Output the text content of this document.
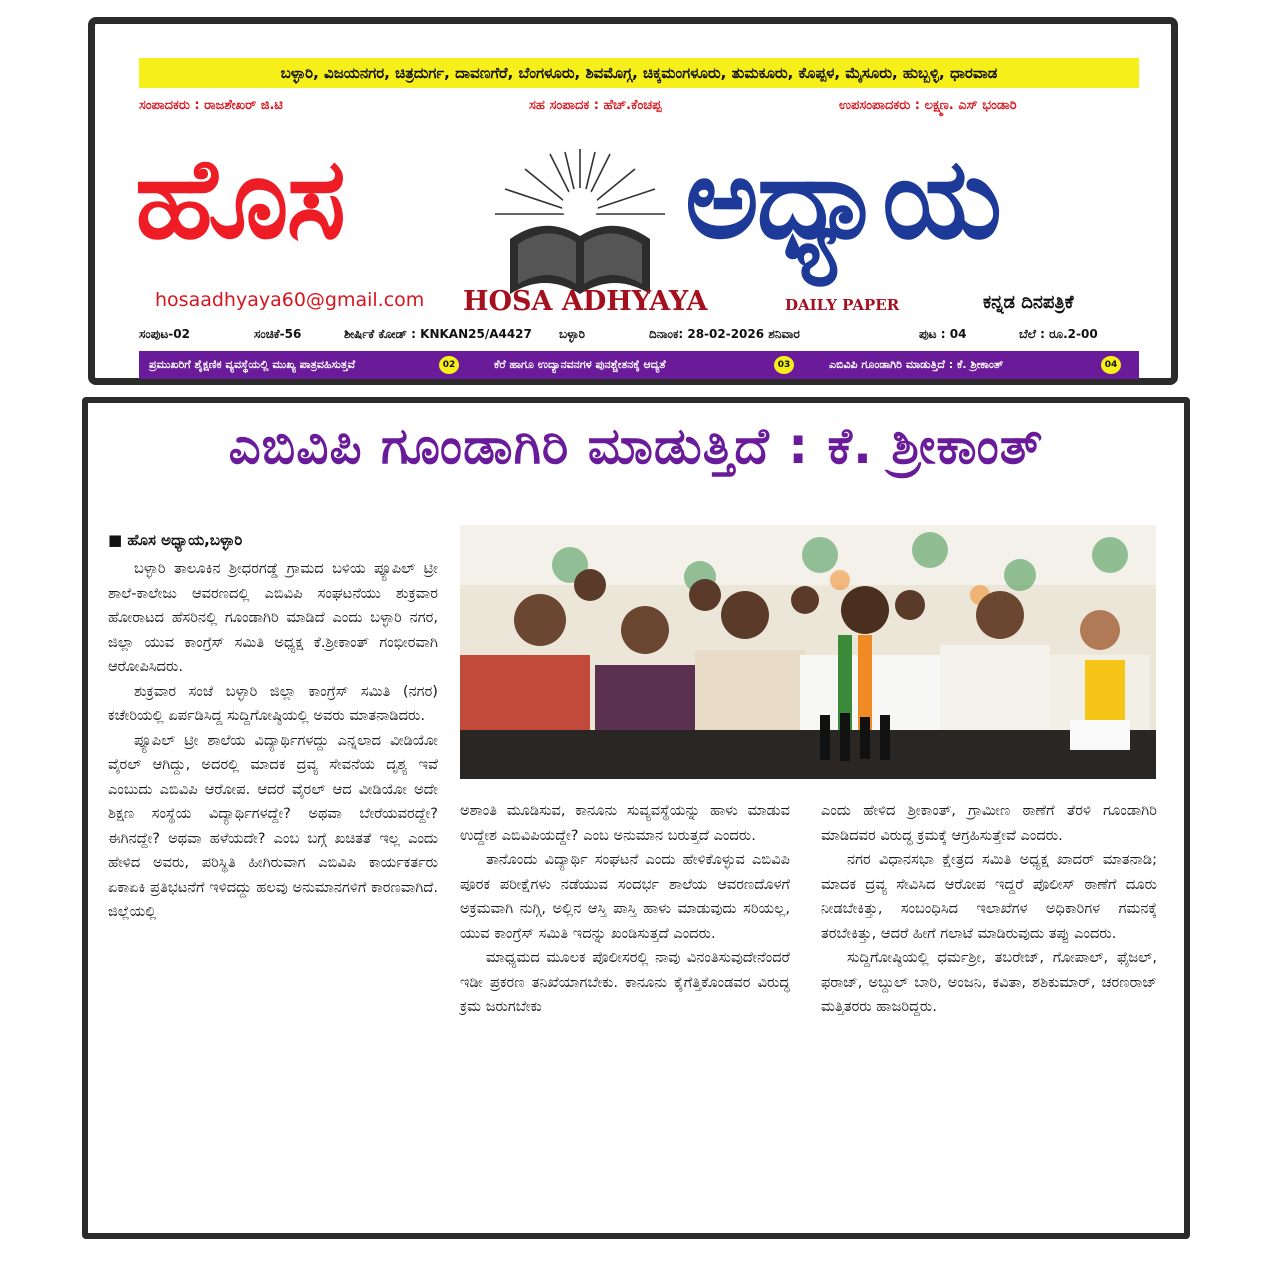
ಬಳ್ಳಾರಿ, ವಿಜಯನಗರ, ಚಿತ್ರದುರ್ಗ, ದಾವಣಗೆರೆ, ಬೆಂಗಳೂರು, ಶಿವಮೊಗ್ಗ, ಚಿಕ್ಕಮಂಗಳೂರು, ತುಮಕೂರು, ಕೊಪ್ಪಳ, ಮೈಸೂರು, ಹುಬ್ಬಳ್ಳಿ, ಧಾರವಾಡ
ಸಂಪಾದಕರು : ರಾಜಶೇಖರ್ ಜಿ.ಟಿ	ಸಹ ಸಂಪಾದಕ : ಹೆಚ್.ಕೆಂಚಪ್ಪ	ಉಪಸಂಪಾದಕರು : ಲಕ್ಷ್ಮಣ. ಎಸ್ ಭಂಡಾರಿ
ಹೊಸ	ಅಧ್ಯಾಯ
hosaadhyaya60@gmail.com HOSA ADHYAYA	DAILY PAPER	ಕನ್ನಡ ದಿನಪತ್ರಿಕೆ
ಸಂಪುಟ-02	ಸಂಚಿಕೆ-56	ಶೀರ್ಷಿಕೆ ಕೋಡ್ : KNKAN25/A4427 ಬಳ್ಳಾರಿ	ದಿನಾಂಕ: 28-02-2026 ಶನಿವಾರ	ಪುಟ : 04	ಬೆಲೆ : ರೂ.2-00
ಪ್ರಮುಖರಿಗೆ ಶೈಕ್ಷಣಿಕ ವ್ಯವಸ್ಥೆಯಲ್ಲಿ ಮುಖ್ಯ ಪಾತ್ರವಹಿಸುತ್ತವೆ	02	ಕೆರೆ ಹಾಗೂ ಉದ್ಯಾನವನಗಳ ಪುನಶ್ಚೇತನಕ್ಕೆ ಆದ್ಯತೆ	03	ಎಬಿವಿಪಿ ಗೂಂಡಾಗಿರಿ ಮಾಡುತ್ತಿದೆ : ಕೆ. ಶ್ರೀಕಾಂತ್	04
ಎಬಿವಿಪಿ ಗೂಂಡಾಗಿರಿ ಮಾಡುತ್ತಿದೆ : ಕೆ. ಶ್ರೀಕಾಂತ್
■ ಹೊಸ ಅಧ್ಯಾಯ,ಬಳ್ಳಾರಿ

ಬಳ್ಳಾರಿ ತಾಲೂಕಿನ ಶ್ರೀಧರಗಡ್ಡೆ ಗ್ರಾಮದ ಬಳಿಯ ಪ್ಯೂಪಿಲ್ ಟ್ರೀ ಶಾಲೆ-ಕಾಲೇಜು ಆವರಣದಲ್ಲಿ ಎಬಿವಿಪಿ ಸಂಘಟನೆಯು ಶುಕ್ರವಾರ ಹೋರಾಟದ ಹೆಸರಿನಲ್ಲಿ ಗೂಂಡಾಗಿರಿ ಮಾಡಿದೆ ಎಂದು ಬಳ್ಳಾರಿ ನಗರ, ಜಿಲ್ಲಾ ಯುವ ಕಾಂಗ್ರೆಸ್ ಸಮಿತಿ ಅಧ್ಯಕ್ಷ ಕೆ.ಶ್ರೀಕಾಂತ್ ಗಂಭೀರವಾಗಿ ಆರೋಪಿಸಿದರು.

ಶುಕ್ರವಾರ ಸಂಜೆ ಬಳ್ಳಾರಿ ಜಿಲ್ಲಾ ಕಾಂಗ್ರೆಸ್ ಸಮಿತಿ (ನಗರ) ಕಚೇರಿಯಲ್ಲಿ ಏರ್ಪಡಿಸಿದ್ದ ಸುದ್ದಿಗೋಷ್ಠಿಯಲ್ಲಿ ಅವರು ಮಾತನಾಡಿದರು.

ಪ್ಯೂಪಿಲ್ ಟ್ರೀ ಶಾಲೆಯ ವಿದ್ಯಾರ್ಥಿಗಳದ್ದು ಎನ್ನಲಾದ ವೀಡಿಯೋ ವೈರಲ್ ಆಗಿದ್ದು, ಅದರಲ್ಲಿ ಮಾದಕ ದ್ರವ್ಯ ಸೇವನೆಯ ದೃಶ್ಯ ಇವೆ ಎಂಬುದು ಎಬಿವಿಪಿ ಆರೋಪ. ಆದರೆ ವೈರಲ್ ಆದ ವೀಡಿಯೋ ಅದೇ ಶಿಕ್ಷಣ ಸಂಸ್ಥೆಯ ವಿದ್ಯಾರ್ಥಿಗಳದ್ದೇ? ಅಥವಾ ಬೇರೆಯವರದ್ದೇ? ಈಗಿನದ್ದೇ? ಅಥವಾ ಹಳೆಯದೇ? ಎಂಬ ಬಗ್ಗೆ ಖಚಿತತೆ ಇಲ್ಲ ಎಂದು ಹೇಳಿದ ಅವರು, ಪರಿಸ್ಥಿತಿ ಹೀಗಿರುವಾಗ ಎಬಿವಿಪಿ ಕಾರ್ಯಕರ್ತರು ಏಕಾಏಕಿ ಪ್ರತಿಭಟನೆಗೆ ಇಳಿದದ್ದು ಹಲವು ಅನುಮಾನಗಳಿಗೆ ಕಾರಣವಾಗಿದೆ. ಜಿಲ್ಲೆಯಲ್ಲಿ

ಅಶಾಂತಿ ಮೂಡಿಸುವ, ಕಾನೂನು ಸುವ್ಯವಸ್ಥೆಯನ್ನು ಹಾಳು ಮಾಡುವ ಉದ್ದೇಶ ಎಬಿವಿಪಿಯದ್ದೇ? ಎಂಬ ಅನುಮಾನ ಬರುತ್ತದೆ ಎಂದರು.

ತಾನೊಂದು ವಿದ್ಯಾರ್ಥಿ ಸಂಘಟನೆ ಎಂದು ಹೇಳಿಕೊಳ್ಳುವ ಎಬಿವಿಪಿ ಪೂರಕ ಪರೀಕ್ಷೆಗಳು ನಡೆಯುವ ಸಂದರ್ಭ ಶಾಲೆಯ ಆವರಣದೊಳಗೆ ಅಕ್ರಮವಾಗಿ ನುಗ್ಗಿ, ಅಲ್ಲಿನ ಆಸ್ತಿ ಪಾಸ್ತಿ ಹಾಳು ಮಾಡುವುದು ಸರಿಯಲ್ಲ, ಯುವ ಕಾಂಗ್ರೆಸ್ ಸಮಿತಿ ಇದನ್ನು ಖಂಡಿಸುತ್ತದೆ ಎಂದರು.

ಮಾಧ್ಯಮದ ಮೂಲಕ ಪೊಲೀಸರಲ್ಲಿ ನಾವು ವಿನಂತಿಸುವುದೇನೆಂದರೆ ಇಡೀ ಪ್ರಕರಣ ತನಿಖೆಯಾಗಬೇಕು. ಕಾನೂನು ಕೈಗೆತ್ತಿಕೊಂಡವರ ವಿರುದ್ಧ ಕ್ರಮ ಜರುಗಬೇಕು

ಎಂದು ಹೇಳಿದ ಶ್ರೀಕಾಂತ್, ಗ್ರಾಮೀಣ ಠಾಣೆಗೆ ತೆರಳಿ ಗೂಂಡಾಗಿರಿ ಮಾಡಿದವರ ವಿರುದ್ಧ ಕ್ರಮಕ್ಕೆ ಆಗ್ರಹಿಸುತ್ತೇವೆ ಎಂದರು.

ನಗರ ವಿಧಾನಸಭಾ ಕ್ಷೇತ್ರದ ಸಮಿತಿ ಅಧ್ಯಕ್ಷ ಖಾದರ್ ಮಾತನಾಡಿ; ಮಾದಕ ದ್ರವ್ಯ ಸೇವಿಸಿದ ಆರೋಪ ಇದ್ದರೆ ಪೊಲೀಸ್ ಠಾಣೆಗೆ ದೂರು ನೀಡಬೇಕಿತ್ತು, ಸಂಬಂಧಿಸಿದ ಇಲಾಖೆಗಳ ಅಧಿಕಾರಿಗಳ ಗಮನಕ್ಕೆ ತರಬೇಕಿತ್ತು, ಆದರೆ ಹೀಗೆ ಗಲಾಟೆ ಮಾಡಿರುವುದು ತಪ್ಪು ಎಂದರು.

ಸುದ್ದಿಗೋಷ್ಠಿಯಲ್ಲಿ ಧರ್ಮಶ್ರೀ, ತಬರೇಜ್, ಗೋಪಾಲ್, ಫೈಜಲ್, ಫರಾಜ್, ಅಬ್ದುಲ್ ಬಾರಿ, ಅಂಜನಿ, ಕವಿತಾ, ಶಶಿಕುಮಾರ್, ಚರಣರಾಜ್ ಮತ್ತಿತರರು ಹಾಜರಿದ್ದರು.
